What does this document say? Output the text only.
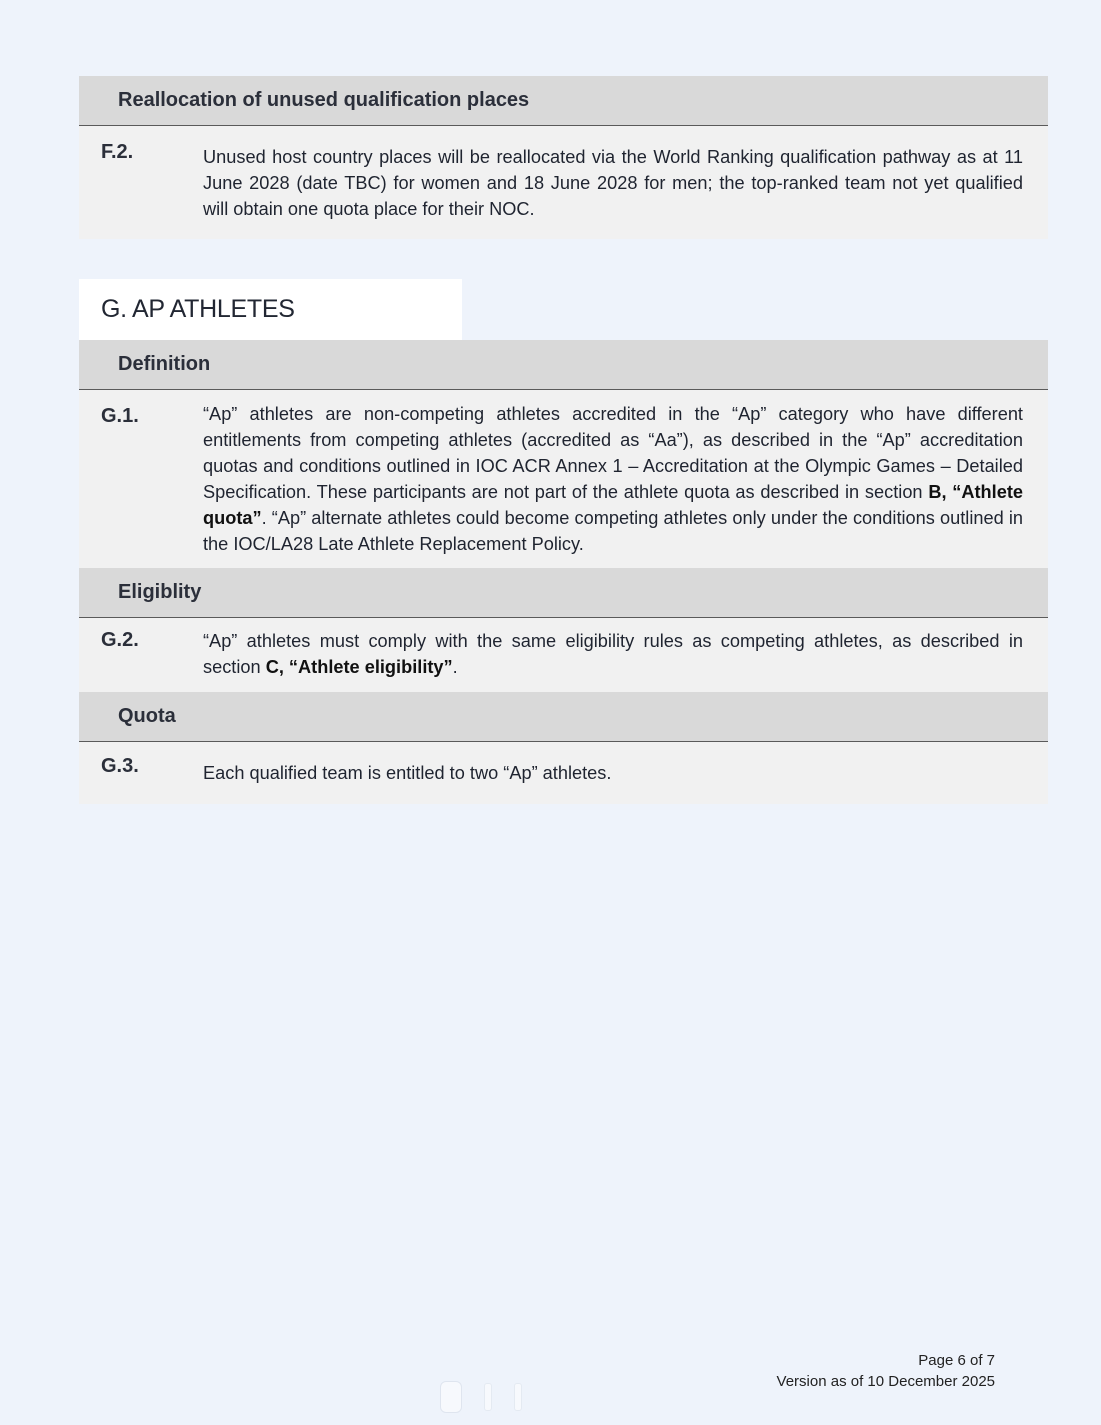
Reallocation of unused qualification places
F.2.	Unused host country places will be reallocated via the World Ranking qualification pathway as at 11 June 2028 (date TBC) for women and 18 June 2028 for men; the top-ranked team not yet qualified will obtain one quota place for their NOC.
G. AP ATHLETES
Definition
G.1.	“Ap” athletes are non-competing athletes accredited in the “Ap” category who have different entitlements from competing athletes (accredited as “Aa”), as described in the “Ap” accreditation quotas and conditions outlined in IOC ACR Annex 1 – Accreditation at the Olympic Games – Detailed Specification. These participants are not part of the athlete quota as described in section B, “Athlete quota”. “Ap” alternate athletes could become competing athletes only under the conditions outlined in the IOC/LA28 Late Athlete Replacement Policy.
Eligiblity
G.2.	“Ap” athletes must comply with the same eligibility rules as competing athletes, as described in section C, “Athlete eligibility”.
Quota
G.3.	Each qualified team is entitled to two “Ap” athletes.
Page 6 of 7
Version as of 10 December 2025
